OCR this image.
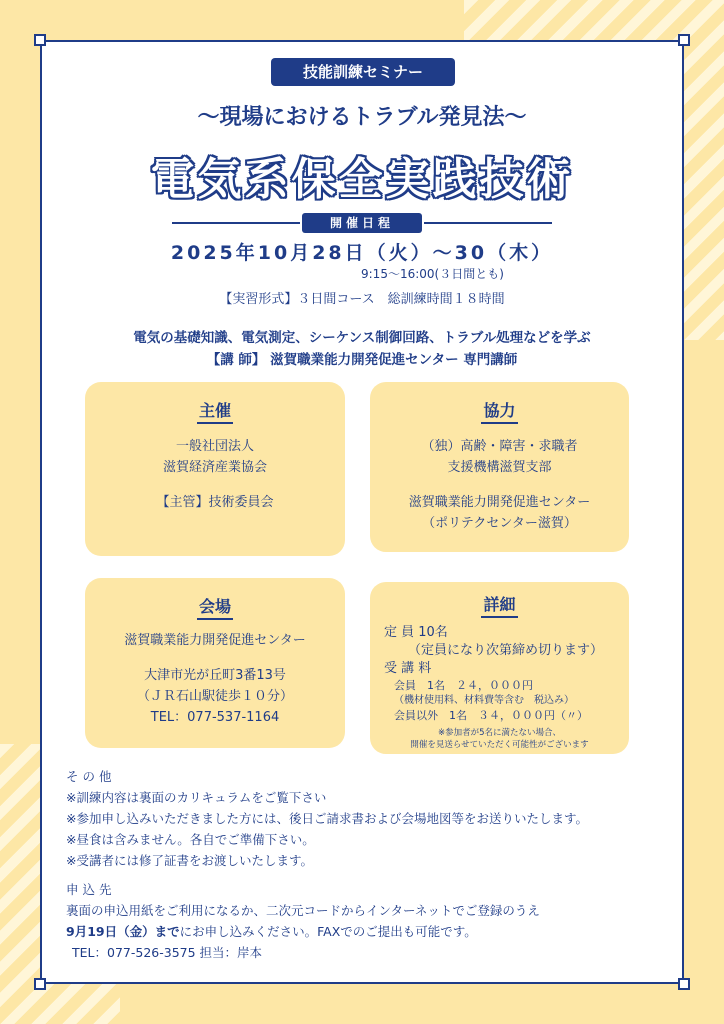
技能訓練セミナー
～現場におけるトラブル発見法～
電気系保全実践技術
開催日程
2025年10月28日（火）～30（木）
9:15～16:00(３日間とも)
【実習形式】３日間コース　総訓練時間１８時間
電気の基礎知識、電気測定、シーケンス制御回路、トラブル処理などを学ぶ
【講 師】 滋賀職業能力開発促進センター 専門講師
主催

一般社団法人

滋賀経済産業協会

【主管】技術委員会

協力

（独）高齢・障害・求職者

支援機構滋賀支部

滋賀職業能力開発促進センター

（ポリテクセンター滋賀）

会場

滋賀職業能力開発促進センター

大津市光が丘町3番13号

（ＪＲ石山駅徒歩１０分）

TEL：077-537-1164

詳細

定 員 10名

（定員になり次第締め切ります）

受 講 料

会員　1名　２４，０００円

（機材使用料、材料費等含む　税込み）

会員以外　1名　３４，０００円（〃）

※参加者が5名に満たない場合、

開催を見送らせていただく可能性がございます

そ の 他
※訓練内容は裏面のカリキュラムをご覧下さい
※参加申し込みいただきました方には、後日ご請求書および会場地図等をお送りいたします。
※昼食は含みません。各自でご準備下さい。
※受講者には修了証書をお渡しいたします。
申 込 先
裏面の申込用紙をご利用になるか、二次元コードからインターネットでご登録のうえ
9月19日（金）までにお申し込みください。FAXでのご提出も可能です。
TEL：077-526-3575 担当：岸本
